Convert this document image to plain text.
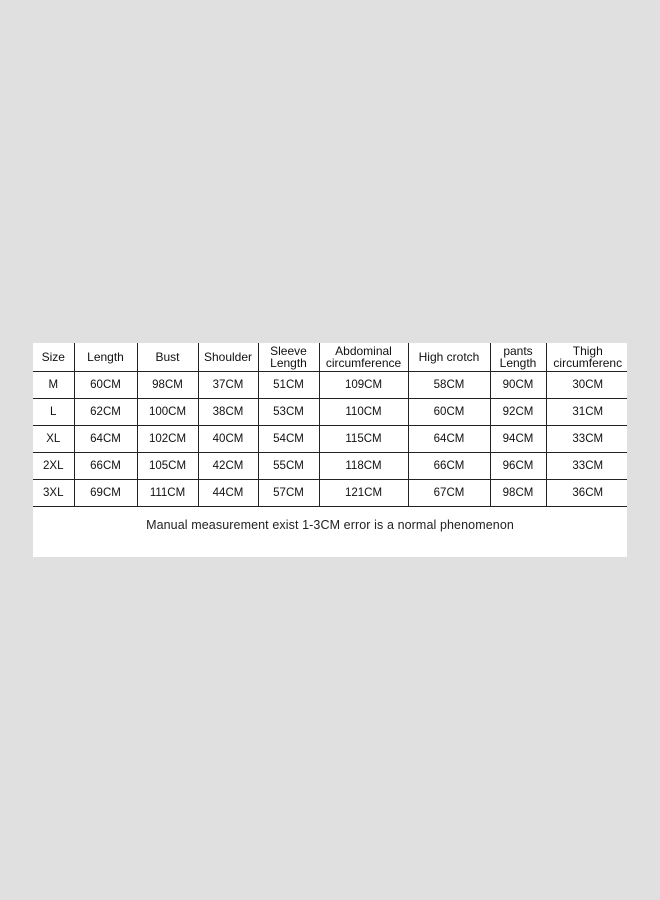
Size	Length	Bust	Shoulder	Sleeve Length	Abdominal circumference	High crotch	pants Length	Thigh circumferenc
M	60CM	98CM	37CM	51CM	109CM	58CM	90CM	30CM
L	62CM	100CM	38CM	53CM	110CM	60CM	92CM	31CM
XL	64CM	102CM	40CM	54CM	115CM	64CM	94CM	33CM
2XL	66CM	105CM	42CM	55CM	118CM	66CM	96CM	33CM
3XL	69CM	111CM	44CM	57CM	121CM	67CM	98CM	36CM
Manual measurement exist 1-3CM error is a normal phenomenon
